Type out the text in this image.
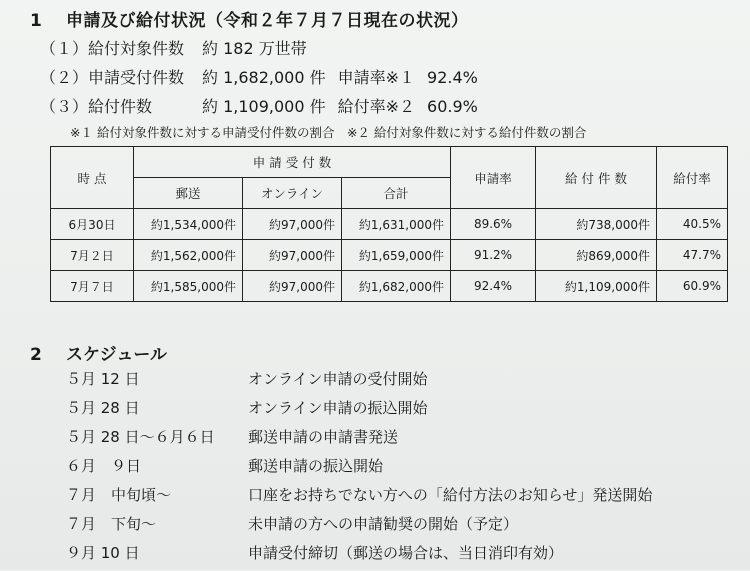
1 申請及び給付状況（令和２年７月７日現在の状況）
（１）給付対象件数 約 182 万世帯
（２）申請受付件数 約 1,682,000 件 申請率※１ 92.4%
（３）給付件数	約 1,109,000 件 給付率※２ 60.9%
※１ 給付対象件数に対する申請受付件数の割合　※２ 給付対象件数に対する給付件数の割合
時 点	申 請 受 付 数			申請率	給 付 件 数	給付率
	郵送	オンライン	合計			
6月30日	約1,534,000件	約97,000件	約1,631,000件	89.6%	約738,000件	40.5%
7月２日	約1,562,000件	約97,000件	約1,659,000件	91.2%	約869,000件	47.7%
7月７日	約1,585,000件	約97,000件	約1,682,000件	92.4%	約1,109,000件	60.9%
2 スケジュール
５月 12 日	オンライン申請の受付開始
５月 28 日	オンライン申請の振込開始
５月 28 日～６月６日 郵送申請の申請書発送
６月　９日	郵送申請の振込開始
７月　中旬頃～	口座をお持ちでない方への「給付方法のお知らせ」発送開始
７月　下旬～	未申請の方への申請勧奨の開始（予定）
９月 10 日	申請受付締切（郵送の場合は、当日消印有効）
